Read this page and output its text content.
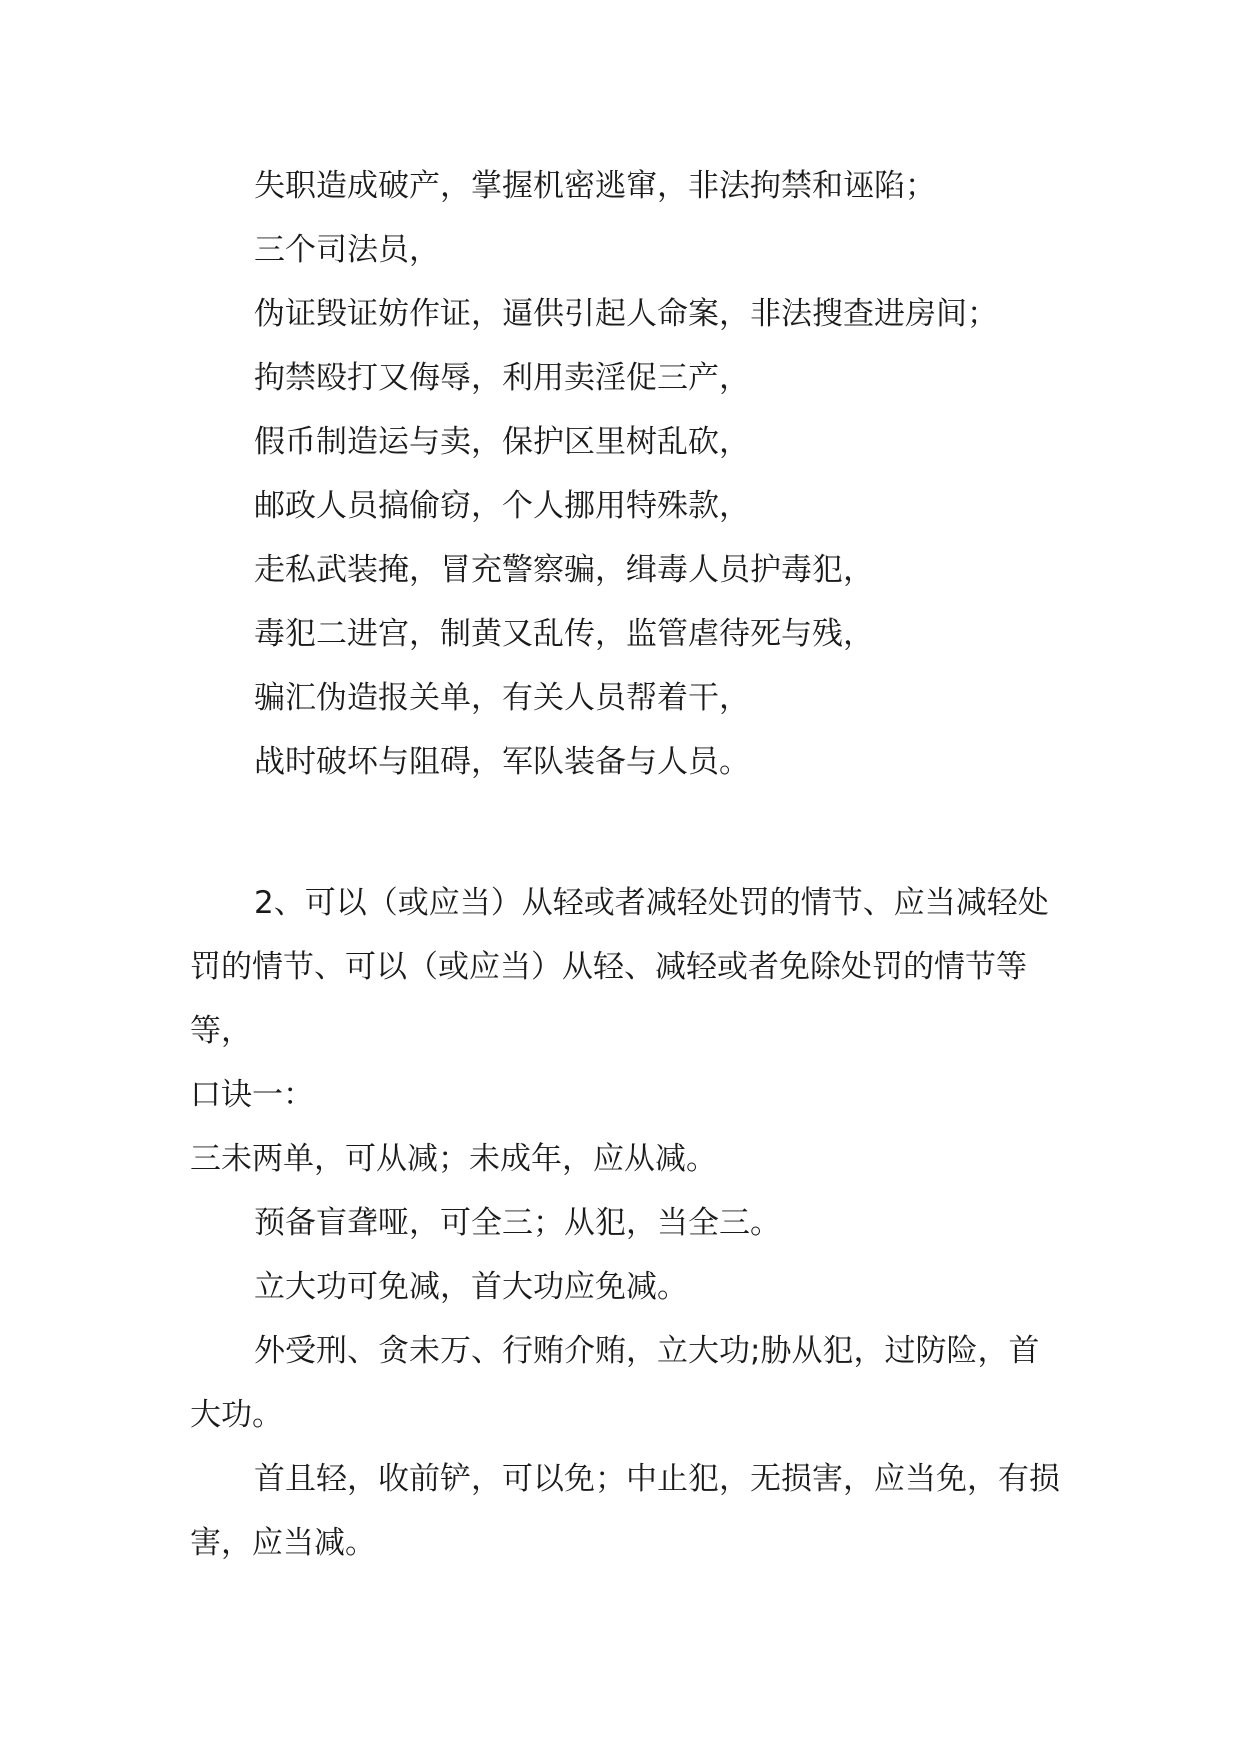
失职造成破产，掌握机密逃窜，非法拘禁和诬陷；

三个司法员，

伪证毁证妨作证，逼供引起人命案，非法搜查进房间；

拘禁殴打又侮辱，利用卖淫促三产，

假币制造运与卖，保护区里树乱砍，

邮政人员搞偷窃，个人挪用特殊款，

走私武装掩，冒充警察骗，缉毒人员护毒犯，

毒犯二进宫，制黄又乱传，监管虐待死与残，

骗汇伪造报关单，有关人员帮着干，

战时破坏与阻碍，军队装备与人员。

2、可以（或应当）从轻或者减轻处罚的情节、应当减轻处罚的情节、可以（或应当）从轻、减轻或者免除处罚的情节等等，

口诀一：

三未两单，可从减；未成年，应从减。

预备盲聋哑，可全三；从犯，当全三。

立大功可免减，首大功应免减。

外受刑、贪未万、行贿介贿，立大功;胁从犯，过防险，首大功。

首且轻，收前铲，可以免；中止犯，无损害，应当免，有损害，应当减。
